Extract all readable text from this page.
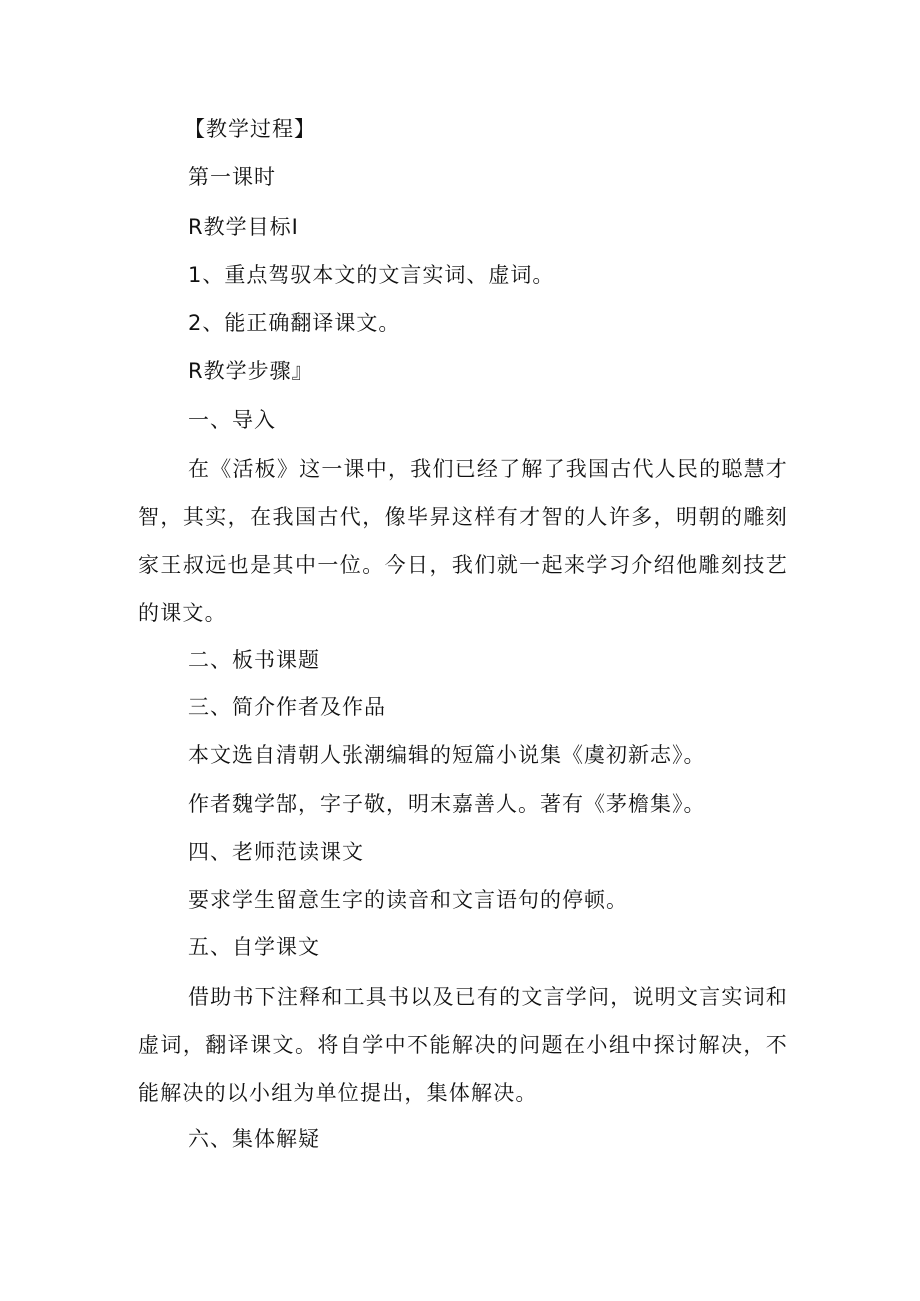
【教学过程】
第一课时
R教学目标I
1、重点驾驭本文的文言实词、虚词。
2、能正确翻译课文。
R教学步骤』
一、导入
在《活板》这一课中，我们已经了解了我国古代人民的聪慧才智，其实，在我国古代，像毕昇这样有才智的人许多，明朝的雕刻家王叔远也是其中一位。今日，我们就一起来学习介绍他雕刻技艺的课文。
二、板书课题
三、简介作者及作品
本文选自清朝人张潮编辑的短篇小说集《虞初新志》。
作者魏学郜，字子敬，明末嘉善人。著有《茅檐集》。
四、老师范读课文
要求学生留意生字的读音和文言语句的停顿。
五、自学课文
借助书下注释和工具书以及已有的文言学问，说明文言实词和虚词，翻译课文。将自学中不能解决的问题在小组中探讨解决，不能解决的以小组为单位提出，集体解决。
六、集体解疑
